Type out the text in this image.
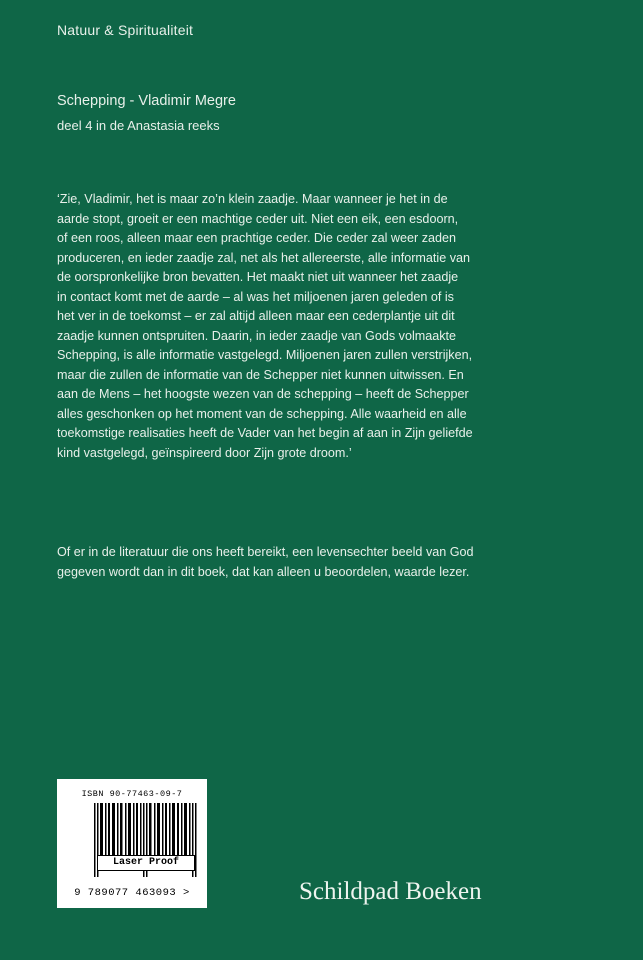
Natuur & Spiritualiteit
Schepping - Vladimir Megre
deel 4 in de Anastasia reeks

‘Zie, Vladimir, het is maar zo’n klein zaadje. Maar wanneer je het in de
aarde stopt, groeit er een machtige ceder uit. Niet een eik, een esdoorn,
of een roos, alleen maar een prachtige ceder. Die ceder zal weer zaden
produceren, en ieder zaadje zal, net als het allereerste, alle informatie van
de oorspronkelijke bron bevatten. Het maakt niet uit wanneer het zaadje
in contact komt met de aarde – al was het miljoenen jaren geleden of is
het ver in de toekomst – er zal altijd alleen maar een cederplantje uit dit
zaadje kunnen ontspruiten. Daarin, in ieder zaadje van Gods volmaakte
Schepping, is alle informatie vastgelegd. Miljoenen jaren zullen verstrijken,
maar die zullen de informatie van de Schepper niet kunnen uitwissen. En
aan de Mens – het hoogste wezen van de schepping – heeft de Schepper
alles geschonken op het moment van de schepping. Alle waarheid en alle
toekomstige realisaties heeft de Vader van het begin af aan in Zijn geliefde
kind vastgelegd, geïnspireerd door Zijn grote droom.’

Of er in de literatuur die ons heeft bereikt, een levensechter beeld van God
gegeven wordt dan in dit boek, dat kan alleen u beoordelen, waarde lezer.

ISBN 90-77463-09-7
Laser Proof
9 789077 463093 >	Schildpad Boeken
